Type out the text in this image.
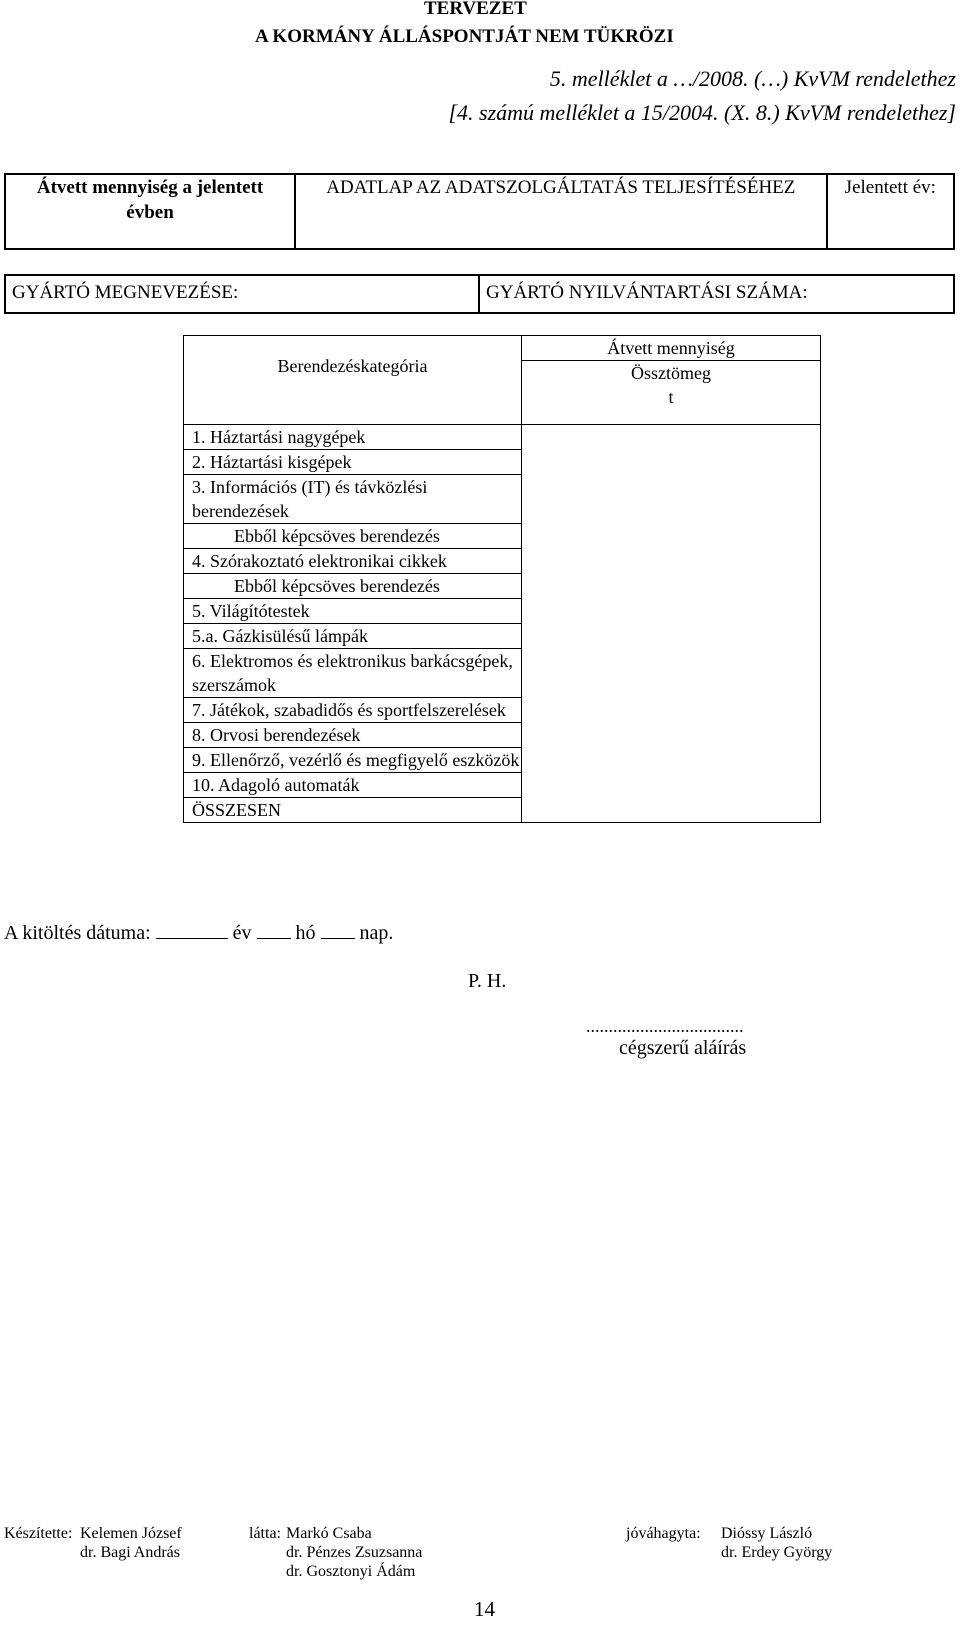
TERVEZET
A KORMÁNY ÁLLÁSPONTJÁT NEM TÜKRÖZI
5. melléklet a …/2008. (…) KvVM rendelethez
[4. számú melléklet a 15/2004. (X. 8.) KvVM rendelethez]
Átvett mennyiség a jelentett évben	ADATLAP AZ ADATSZOLGÁLTATÁS TELJESÍTÉSÉHEZ	Jelentett év:
GYÁRTÓ MEGNEVEZÉSE:	GYÁRTÓ NYILVÁNTARTÁSI SZÁMA:
Berendezéskategória	Átvett mennyiség
Össztömeg
t

1. Háztartási nagygépek	
2. Háztartási kisgépek	
3. Információs (IT) és távközlési berendezések	
Ebből képcsöves berendezés	
4. Szórakoztató elektronikai cikkek	
Ebből képcsöves berendezés	
5. Világítótestek	
5.a. Gázkisülésű lámpák	
6. Elektromos és elektronikus barkácsgépek, szerszámok	
7. Játékok, szabadidős és sportfelszerelések	
8. Orvosi berendezések	
9. Ellenőrző, vezérlő és megfigyelő eszközök	
10. Adagoló automaták	
ÖSSZESEN	
A kitöltés dátuma:	év hó nap.
P. H.
...................................
cégszerű aláírás
Készítette: Kelemen József
dr. Bagi András
látta: Markó Csaba
dr. Pénzes Zsuzsanna
dr. Gosztonyi Ádám
jóváhagyta: Dióssy László
dr. Erdey György
14
